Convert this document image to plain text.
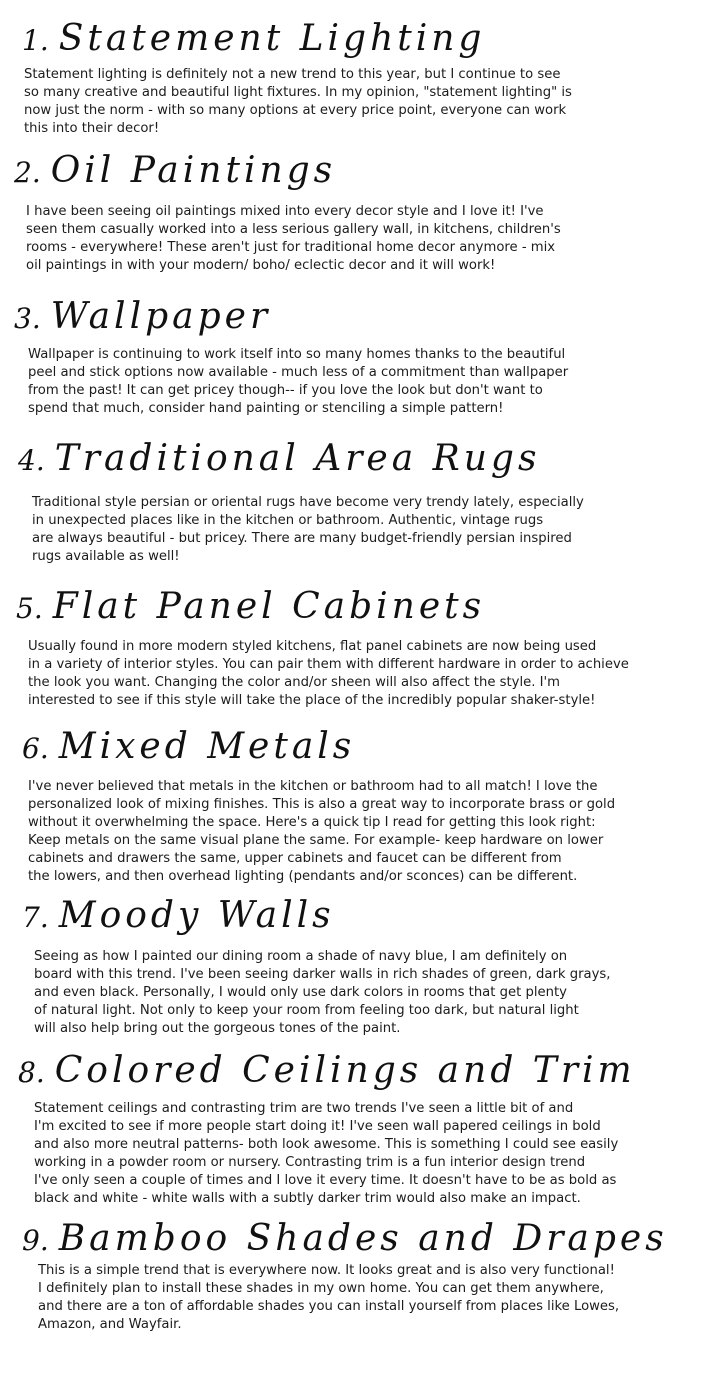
1. Statement Lighting

Statement lighting is definitely not a new trend to this year, but I continue to see
so many creative and beautiful light fixtures. In my opinion, "statement lighting" is
now just the norm - with so many options at every price point, everyone can work
this into their decor!

2. Oil Paintings

I have been seeing oil paintings mixed into every decor style and I love it! I've
seen them casually worked into a less serious gallery wall, in kitchens, children's
rooms - everywhere! These aren't just for traditional home decor anymore - mix
oil paintings in with your modern/ boho/ eclectic decor and it will work!

3. Wallpaper

Wallpaper is continuing to work itself into so many homes thanks to the beautiful
peel and stick options now available - much less of a commitment than wallpaper
from the past! It can get pricey though-- if you love the look but don't want to
spend that much, consider hand painting or stenciling a simple pattern!

4. Traditional Area Rugs

Traditional style persian or oriental rugs have become very trendy lately, especially
in unexpected places like in the kitchen or bathroom. Authentic, vintage rugs
are always beautiful - but pricey. There are many budget-friendly persian inspired
rugs available as well!

5. Flat Panel Cabinets

Usually found in more modern styled kitchens, flat panel cabinets are now being used
in a variety of interior styles. You can pair them with different hardware in order to achieve
the look you want. Changing the color and/or sheen will also affect the style. I'm
interested to see if this style will take the place of the incredibly popular shaker-style!

6. Mixed Metals

I've never believed that metals in the kitchen or bathroom had to all match! I love the
personalized look of mixing finishes. This is also a great way to incorporate brass or gold
without it overwhelming the space. Here's a quick tip I read for getting this look right:
Keep metals on the same visual plane the same. For example- keep hardware on lower
cabinets and drawers the same, upper cabinets and faucet can be different from
the lowers, and then overhead lighting (pendants and/or sconces) can be different.

7. Moody Walls

Seeing as how I painted our dining room a shade of navy blue, I am definitely on
board with this trend. I've been seeing darker walls in rich shades of green, dark grays,
and even black. Personally, I would only use dark colors in rooms that get plenty
of natural light. Not only to keep your room from feeling too dark, but natural light
will also help bring out the gorgeous tones of the paint.

8. Colored Ceilings and Trim

Statement ceilings and contrasting trim are two trends I've seen a little bit of and
I'm excited to see if more people start doing it! I've seen wall papered ceilings in bold
and also more neutral patterns- both look awesome. This is something I could see easily
working in a powder room or nursery. Contrasting trim is a fun interior design trend
I've only seen a couple of times and I love it every time. It doesn't have to be as bold as
black and white - white walls with a subtly darker trim would also make an impact.

9. Bamboo Shades and Drapes

This is a simple trend that is everywhere now. It looks great and is also very functional!
I definitely plan to install these shades in my own home. You can get them anywhere,
and there are a ton of affordable shades you can install yourself from places like Lowes,
Amazon, and Wayfair.
